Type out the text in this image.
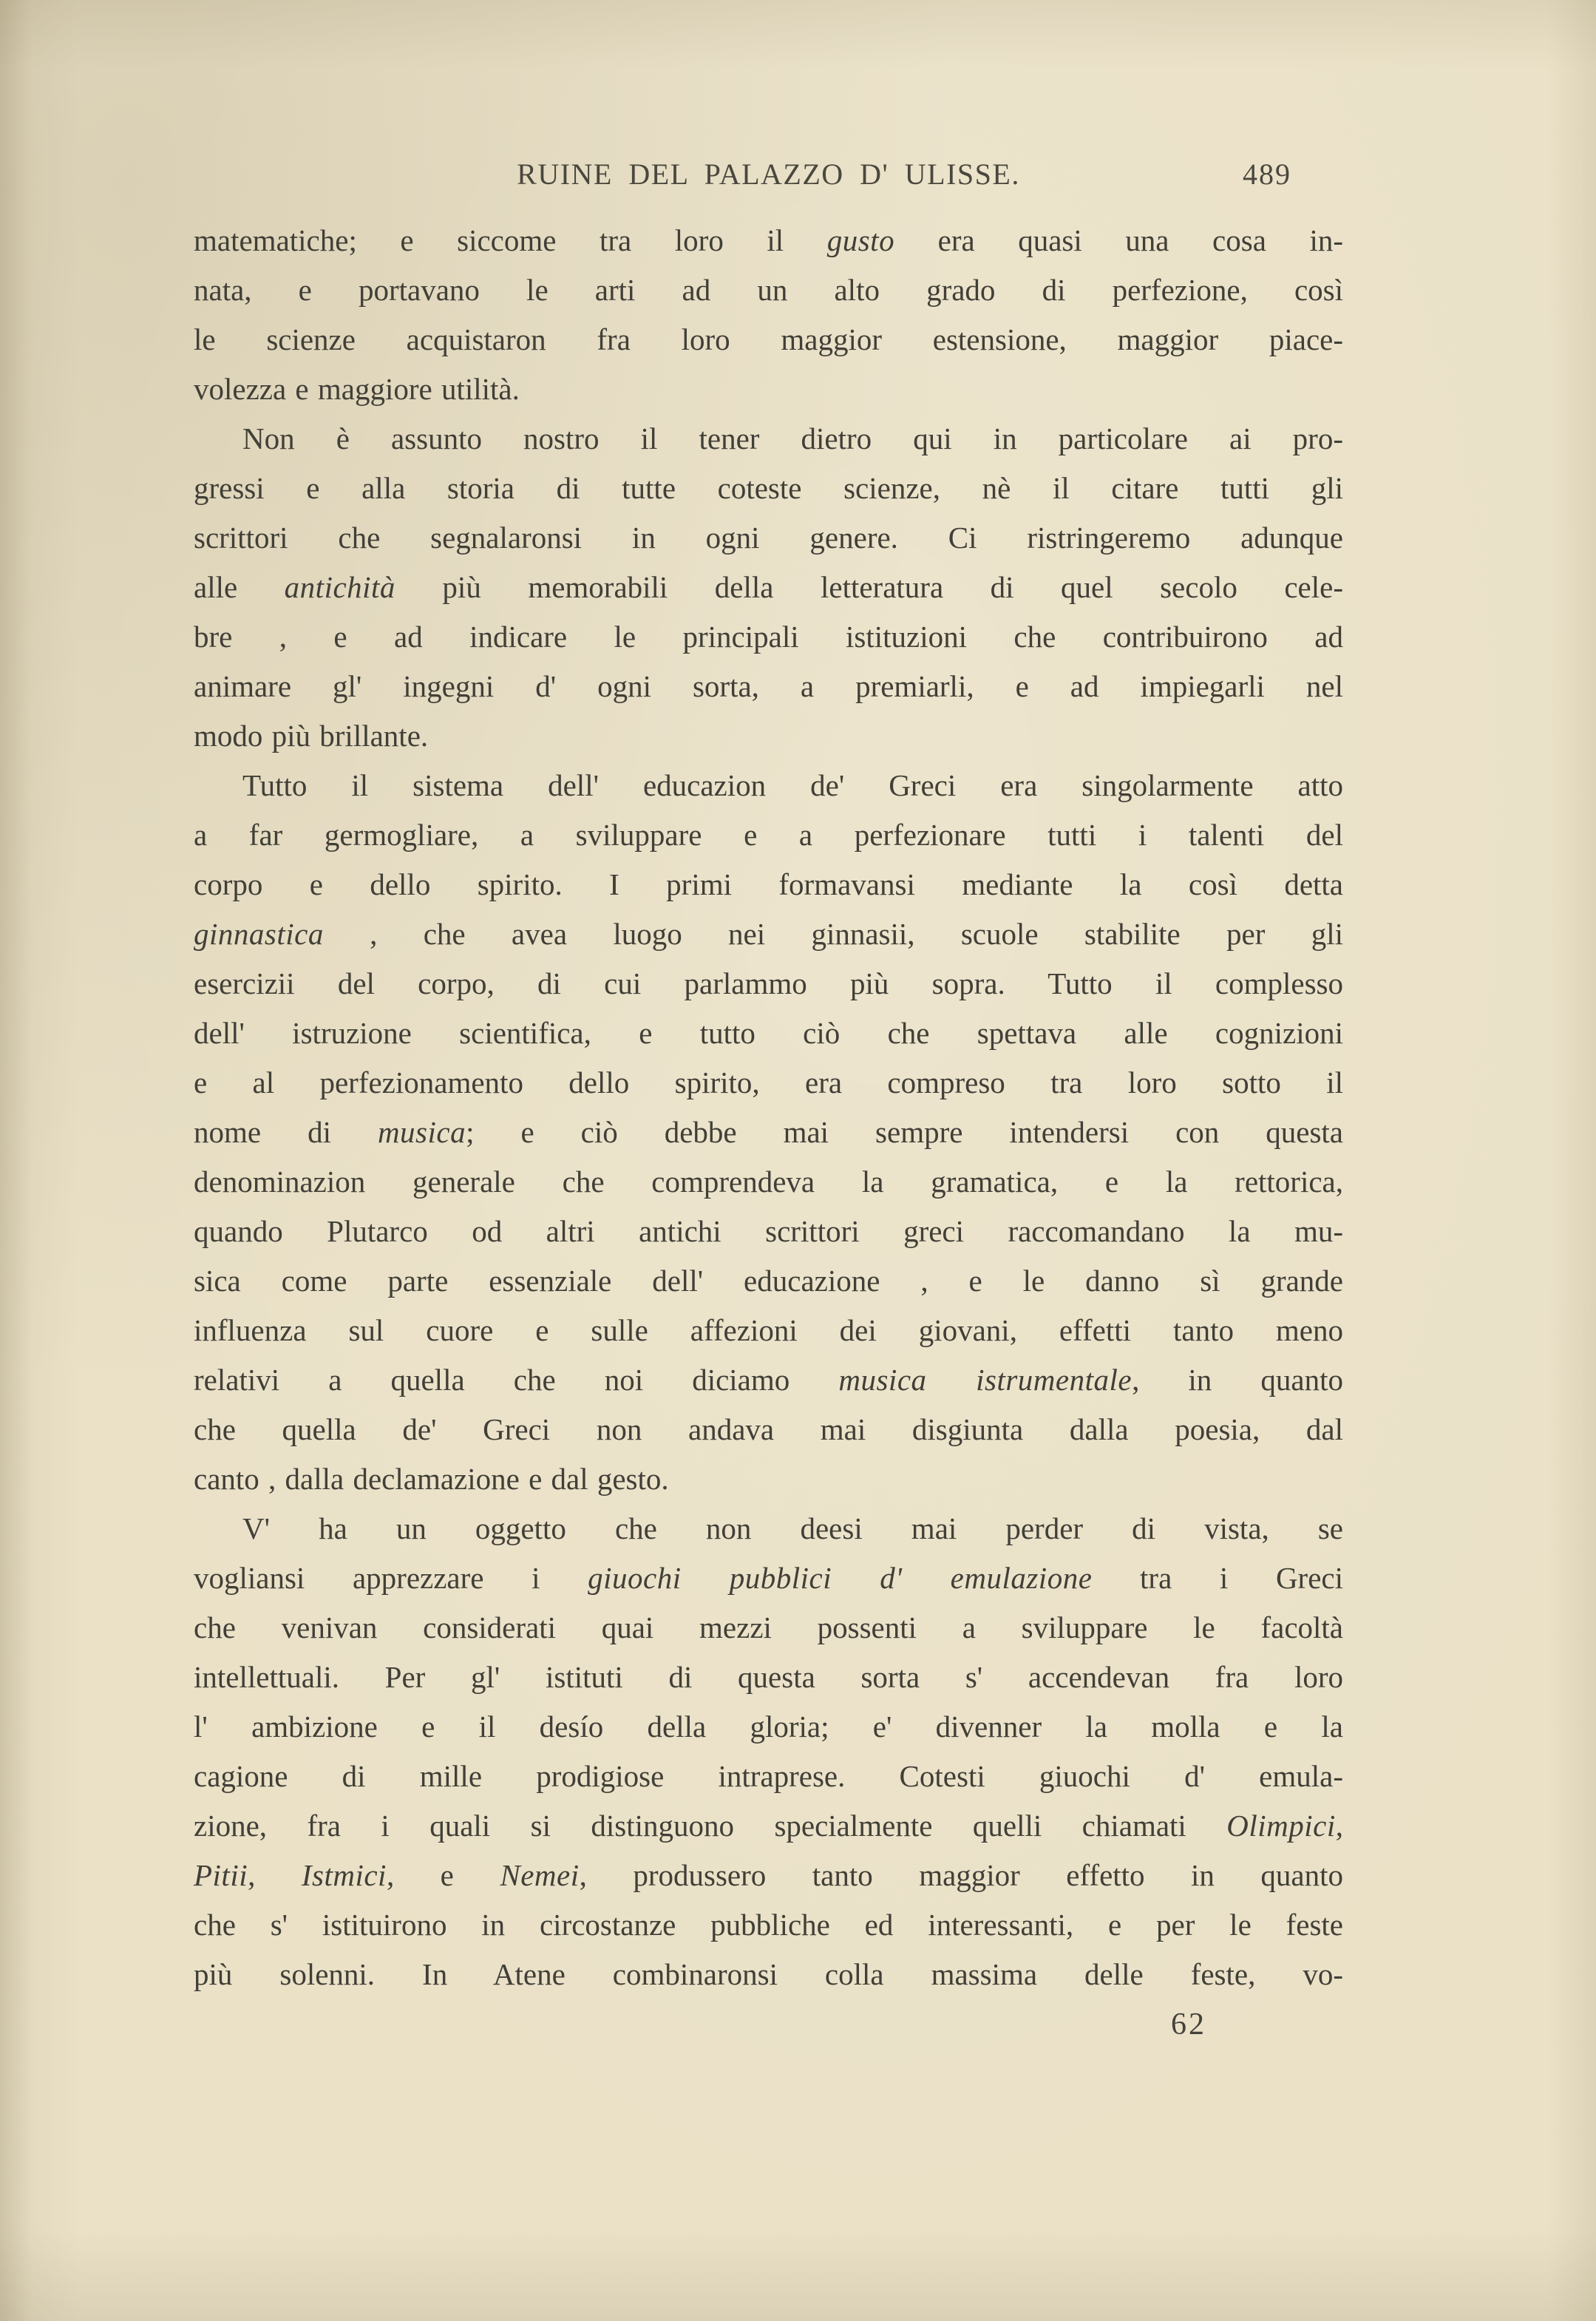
RUINE DEL PALAZZO D' ULISSE.	489
matematiche; e siccome tra loro il gusto era quasi una cosa in-
nata, e portavano le arti ad un alto grado di perfezione, così
le scienze acquistaron fra loro maggior estensione, maggior piace-
volezza e maggiore utilità.
Non è assunto nostro il tener dietro qui in particolare ai pro-
gressi e alla storia di tutte coteste scienze, nè il citare tutti gli
scrittori che segnalaronsi in ogni genere. Ci ristringeremo adunque
alle antichità più memorabili della letteratura di quel secolo cele-
bre , e ad indicare le principali istituzioni che contribuirono ad
animare gl' ingegni d' ogni sorta, a premiarli, e ad impiegarli nel
modo più brillante.
Tutto il sistema dell' educazion de' Greci era singolarmente atto
a far germogliare, a sviluppare e a perfezionare tutti i talenti del
corpo e dello spirito. I primi formavansi mediante la così detta
ginnastica , che avea luogo nei ginnasii, scuole stabilite per gli
esercizii del corpo, di cui parlammo più sopra. Tutto il complesso
dell' istruzione scientifica, e tutto ciò che spettava alle cognizioni
e al perfezionamento dello spirito, era compreso tra loro sotto il
nome di musica; e ciò debbe mai sempre intendersi con questa
denominazion generale che comprendeva la gramatica, e la rettorica,
quando Plutarco od altri antichi scrittori greci raccomandano la mu-
sica come parte essenziale dell' educazione , e le danno sì grande
influenza sul cuore e sulle affezioni dei giovani, effetti tanto meno
relativi a quella che noi diciamo musica istrumentale, in quanto
che quella de' Greci non andava mai disgiunta dalla poesia, dal
canto , dalla declamazione e dal gesto.
V' ha un oggetto che non deesi mai perder di vista, se
vogliansi apprezzare i giuochi pubblici d' emulazione tra i Greci
che venivan considerati quai mezzi possenti a sviluppare le facoltà
intellettuali. Per gl' istituti di questa sorta s' accendevan fra loro
l' ambizione e il desío della gloria; e' divenner la molla e la
cagione di mille prodigiose intraprese. Cotesti giuochi d' emula-
zione, fra i quali si distinguono specialmente quelli chiamati Olimpici,
Pitii, Istmici, e Nemei, produssero tanto maggior effetto in quanto
che s' istituirono in circostanze pubbliche ed interessanti, e per le feste
più solenni. In Atene combinaronsi colla massima delle feste, vo-
62
